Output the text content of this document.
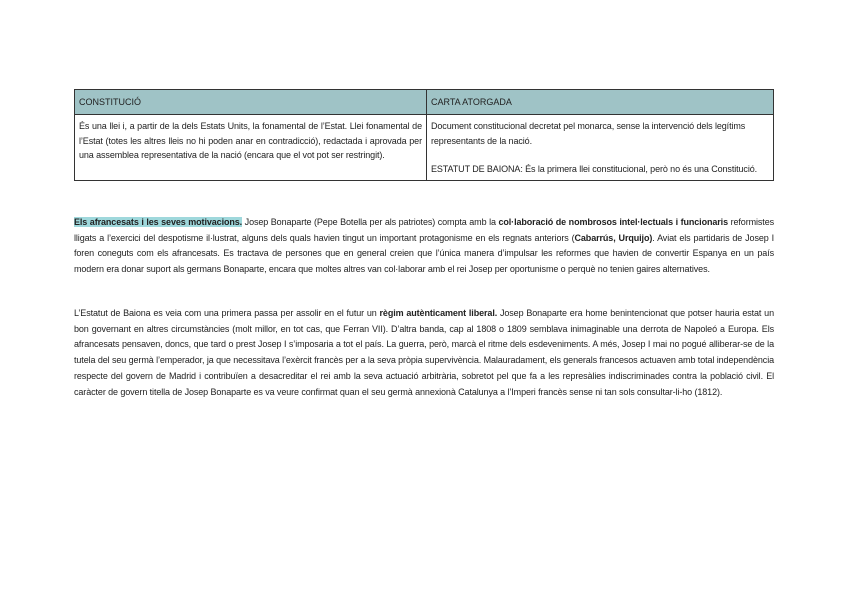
CONSTITUCIÓ	CARTA ATORGADA
És una llei i, a partir de la dels Estats Units, la fonamental de l’Estat. Llei fonamental de l’Estat (totes les altres lleis no hi poden anar en contradicció), redactada i aprovada per una assemblea representativa de la nació (encara que el vot pot ser restringit).	Document constitucional decretat pel monarca, sense la intervenció dels legítims representants de la nació.
ESTATUT DE BAIONA: És la primera llei constitucional, però no és una Constitució.

Els afrancesats i les seves motivacions. Josep Bonaparte (Pepe Botella per als patriotes) compta amb la col·laboració de nombrosos intel·lectuals i funcionaris reformistes lligats a l’exercici del despotisme il·lustrat, alguns dels quals havien tingut un important protagonisme en els regnats anteriors (Cabarrús, Urquijo). Aviat els partidaris de Josep I foren coneguts com els afrancesats. Es tractava de persones que en general creien que l’única manera d’impulsar les reformes que havien de convertir Espanya en un país modern era donar suport als germans Bonaparte, encara que moltes altres van col·laborar amb el rei Josep per oportunisme o perquè no tenien gaires alternatives.

L’Estatut de Baiona es veia com una primera passa per assolir en el futur un règim autènticament liberal. Josep Bonaparte era home benintencionat que potser hauria estat un bon governant en altres circumstàncies (molt millor, en tot cas, que Ferran VII). D’altra banda, cap al 1808 o 1809 semblava inimaginable una derrota de Napoleó a Europa. Els afrancesats pensaven, doncs, que tard o prest Josep I s’imposaria a tot el país. La guerra, però, marcà el ritme dels esdeveniments. A més, Josep I mai no pogué alliberar-se de la tutela del seu germà l’emperador, ja que necessitava l’exèrcit francès per a la seva pròpia supervivència. Malauradament, els generals francesos actuaven amb total independència respecte del govern de Madrid i contribuïen a desacreditar el rei amb la seva actuació arbitrària, sobretot pel que fa a les represàlies indiscriminades contra la població civil. El caràcter de govern titella de Josep Bonaparte es va veure confirmat quan el seu germà annexionà Catalunya a l’Imperi francès sense ni tan sols consultar-li-ho (1812).
